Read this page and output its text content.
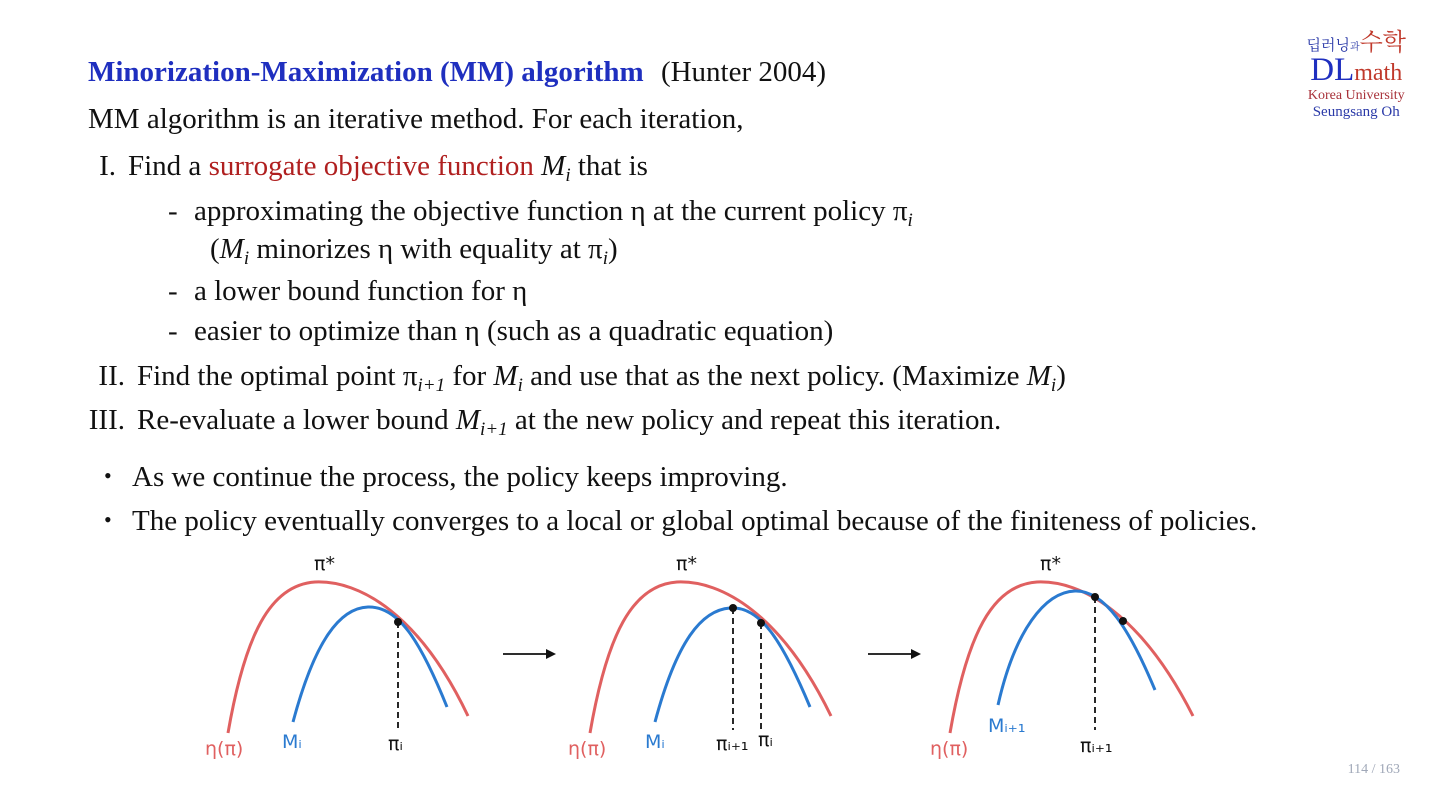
Minorization-Maximization (MM) algorithm (Hunter 2004)
딥러닝과수학
DLmath
Korea University
Seungsang Oh
MM algorithm is an iterative method. For each iteration,
I. Find a surrogate objective function $M_i$ that is
- approximating the objective function η at the current policy $\pi_i$
($M_i$ minorizes η with equality at $\pi_i$)
- a lower bound function for η
- easier to optimize than η (such as a quadratic equation)
II. Find the optimal point $\pi_{i+1}$ for $M_i$ and use that as the next policy. (Maximize $M_i$)
III. Re-evaluate a lower bound $M_{i+1}$ at the new policy and repeat this iteration.
• As we continue the process, the policy keeps improving.
• The policy eventually converges to a local or global optimal because of the finiteness of policies.
π*
η(π) Mᵢ	πᵢ
π*
η(π) Mᵢ	πᵢ₊₁ πᵢ
π*
η(π)
Mᵢ₊₁
πᵢ₊₁
114 / 163
